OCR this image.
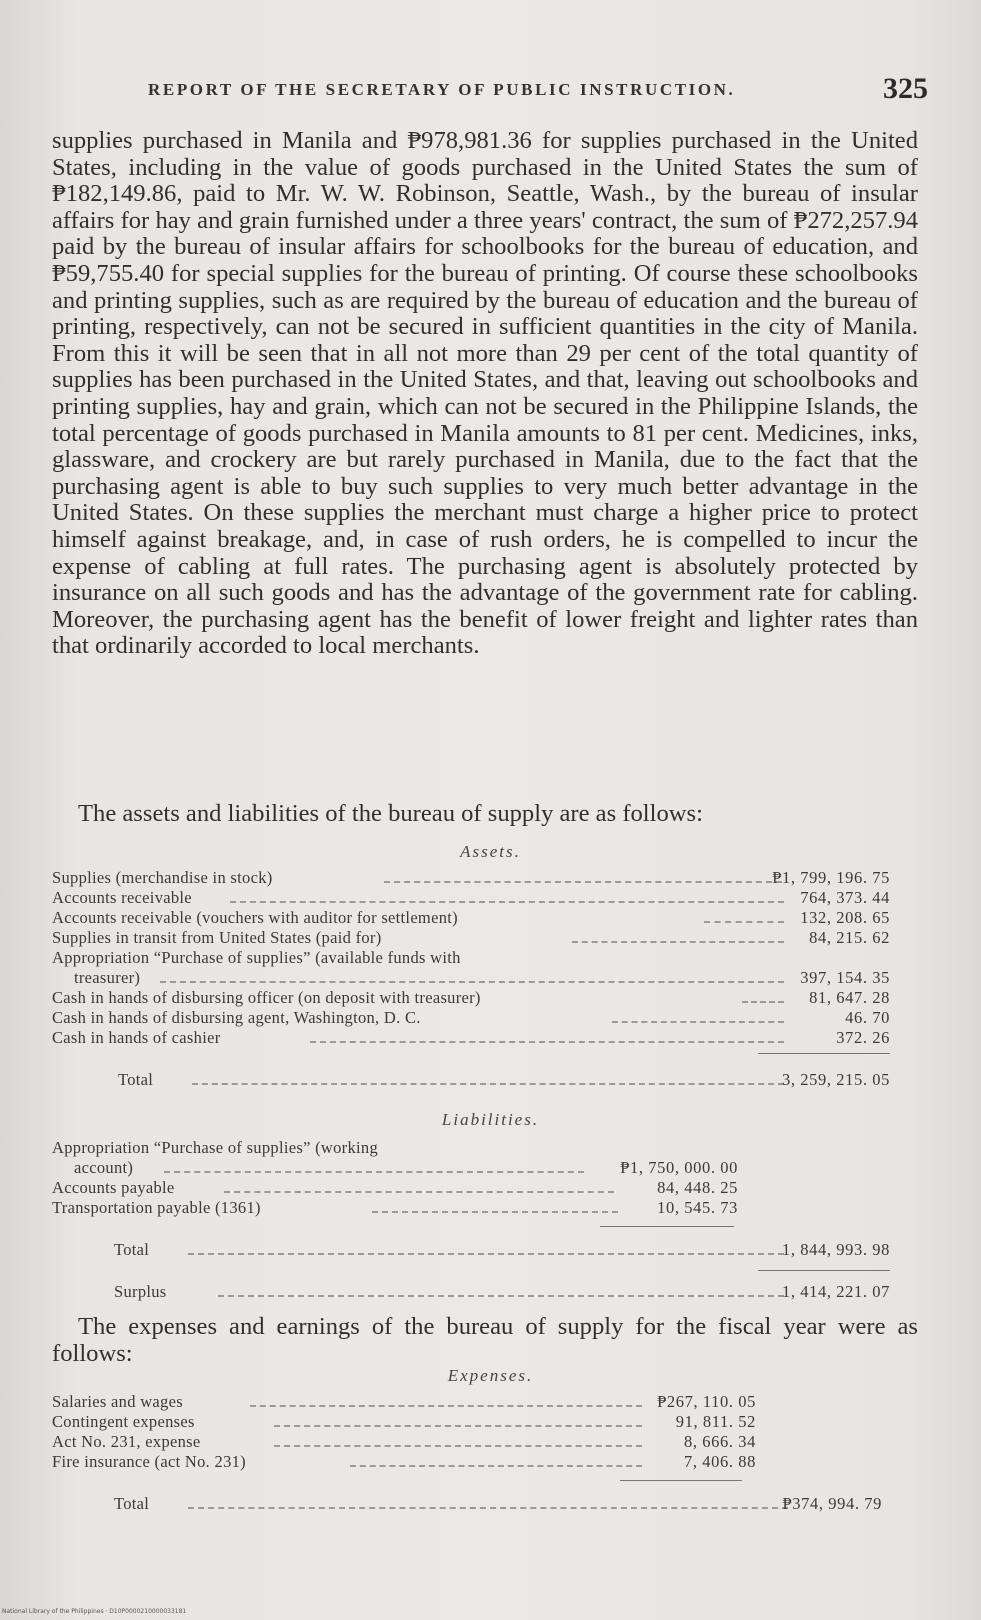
REPORT OF THE SECRETARY OF PUBLIC INSTRUCTION.	325

supplies purchased in Manila and ₱978,981.36 for supplies purchased in the United States, including in the value of goods purchased in the United States the sum of ₱182,149.86, paid to Mr. W. W. Robinson, Seattle, Wash., by the bureau of insular affairs for hay and grain furnished under a three years' contract, the sum of ₱272,257.94 paid by the bureau of insular affairs for schoolbooks for the bureau of education, and ₱59,755.40 for special supplies for the bureau of printing. Of course these schoolbooks and printing supplies, such as are required by the bureau of education and the bureau of printing, respectively, can not be secured in sufficient quantities in the city of Manila. From this it will be seen that in all not more than 29 per cent of the total quantity of supplies has been purchased in the United States, and that, leaving out schoolbooks and printing supplies, hay and grain, which can not be secured in the Philippine Islands, the total percentage of goods purchased in Manila amounts to 81 per cent. Medicines, inks, glassware, and crockery are but rarely purchased in Manila, due to the fact that the purchasing agent is able to buy such supplies to very much better advantage in the United States. On these supplies the merchant must charge a higher price to protect himself against breakage, and, in case of rush orders, he is compelled to incur the expense of cabling at full rates. The purchasing agent is absolutely protected by insurance on all such goods and has the advantage of the government rate for cabling. Moreover, the purchasing agent has the benefit of lower freight and lighter rates than that ordinarily accorded to local merchants.

The assets and liabilities of the bureau of supply are as follows:
Assets.
Supplies (merchandise in stock)	₱1, 799, 196. 75
Accounts receivable	764, 373. 44
Accounts receivable (vouchers with auditor for settlement)	132, 208. 65
Supplies in transit from United States (paid for)	84, 215. 62
Appropriation “Purchase of supplies” (available funds with
treasurer)	397, 154. 35
Cash in hands of disbursing officer (on deposit with treasurer)	81, 647. 28
Cash in hands of disbursing agent, Washington, D. C.	46. 70
Cash in hands of cashier	372. 26
Total	3, 259, 215. 05
Liabilities.
Appropriation “Purchase of supplies” (working
account)	₱1, 750, 000. 00
Accounts payable	84, 448. 25
Transportation payable (1361)	10, 545. 73
Total	1, 844, 993. 98
Surplus	1, 414, 221. 07
The expenses and earnings of the bureau of supply for the fiscal year were as follows:
Expenses.
Salaries and wages	₱267, 110. 05
Contingent expenses	91, 811. 52
Act No. 231, expense	8, 666. 34
Fire insurance (act No. 231)	7, 406. 88
Total	₱374, 994. 79
National Library of the Philippines · D10P0000210000033181
